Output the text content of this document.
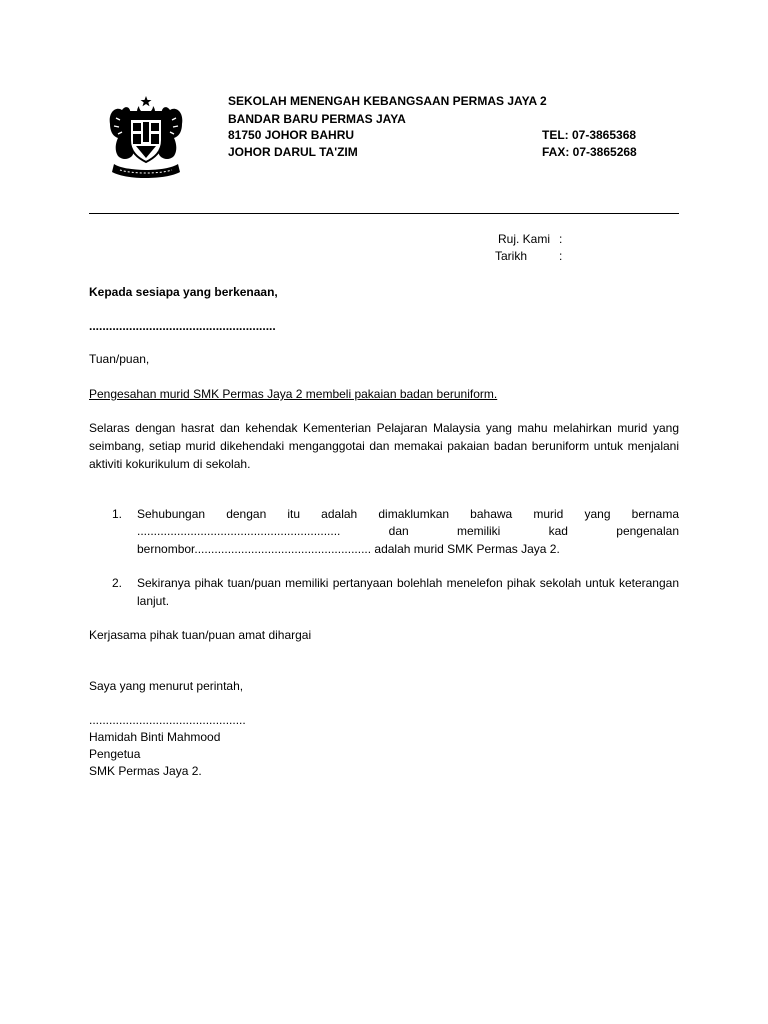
SEKOLAH MENENGAH KEBANGSAAN PERMAS JAYA 2
BANDAR BARU PERMAS JAYA
81750 JOHOR BAHRU
JOHOR DARUL TA'ZIM
TEL: 07-3865368
FAX: 07-3865268
Ruj. Kami :
Tarikh	:
Kepada sesiapa yang berkenaan,
........................................................
Tuan/puan,
Pengesahan murid SMK Permas Jaya 2 membeli pakaian badan beruniform.
Selaras dengan hasrat dan kehendak Kementerian Pelajaran Malaysia yang mahu melahirkan murid yang seimbang, setiap murid dikehendaki menganggotai dan memakai pakaian badan beruniform untuk menjalani aktiviti kokurikulum di sekolah.
1. Sehubungan dengan itu adalah dimaklumkan bahawa murid yang bernama
............................................................. dan memiliki kad pengenalan
bernombor..................................................... adalah murid SMK Permas Jaya 2.
2. Sekiranya pihak tuan/puan memiliki pertanyaan bolehlah menelefon pihak sekolah untuk keterangan lanjut.
Kerjasama pihak tuan/puan amat dihargai
Saya yang menurut perintah,
...............................................
Hamidah Binti Mahmood
Pengetua
SMK Permas Jaya 2.
